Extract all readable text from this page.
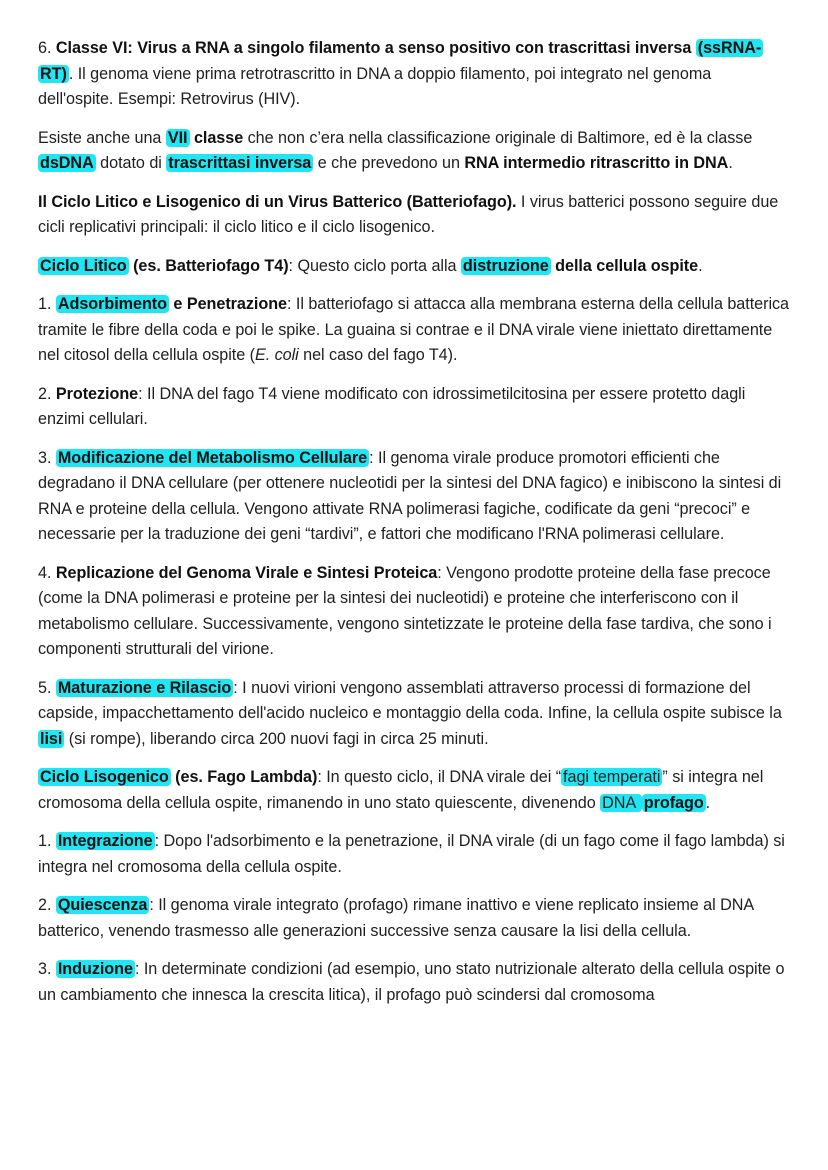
6. Classe VI: Virus a RNA a singolo filamento a senso positivo con trascrittasi inversa (ssRNA-RT) . Il genoma viene prima retrotrascritto in DNA a doppio filamento, poi integrato nel genoma dell'ospite. Esempi: Retrovirus (HIV).

Esiste anche una VII classe che non c’era nella classificazione originale di Baltimore, ed è la classe dsDNA dotato di trascrittasi inversa e che prevedono un RNA intermedio ritrascritto in DNA.

Il Ciclo Litico e Lisogenico di un Virus Batterico (Batteriofago). I virus batterici possono seguire due cicli replicativi principali: il ciclo litico e il ciclo lisogenico.

Ciclo Litico (es. Batteriofago T4): Questo ciclo porta alla distruzione della cellula ospite.

1. Adsorbimento e Penetrazione: Il batteriofago si attacca alla membrana esterna della cellula batterica tramite le fibre della coda e poi le spike. La guaina si contrae e il DNA virale viene iniettato direttamente nel citosol della cellula ospite (E. coli nel caso del fago T4).

2. Protezione: Il DNA del fago T4 viene modificato con idrossimetilcitosina per essere protetto dagli enzimi cellulari.

3. Modificazione del Metabolismo Cellulare : Il genoma virale produce promotori efficienti che degradano il DNA cellulare (per ottenere nucleotidi per la sintesi del DNA fagico) e inibiscono la sintesi di RNA e proteine della cellula. Vengono attivate RNA polimerasi fagiche, codificate da geni “precoci” e necessarie per la traduzione dei geni “tardivi”, e fattori che modificano l'RNA polimerasi cellulare.

4. Replicazione del Genoma Virale e Sintesi Proteica: Vengono prodotte proteine della fase precoce (come la DNA polimerasi e proteine per la sintesi dei nucleotidi) e proteine che interferiscono con il metabolismo cellulare. Successivamente, vengono sintetizzate le proteine della fase tardiva, che sono i componenti strutturali del virione.

5. Maturazione e Rilascio : I nuovi virioni vengono assemblati attraverso processi di formazione del capside, impacchettamento dell'acido nucleico e montaggio della coda. Infine, la cellula ospite subisce la lisi (si rompe), liberando circa 200 nuovi fagi in circa 25 minuti.

Ciclo Lisogenico (es. Fago Lambda): In questo ciclo, il DNA virale dei “ fagi temperati ” si integra nel cromosoma della cellula ospite, rimanendo in uno stato quiescente, divenendo DNA profago .

1. Integrazione : Dopo l'adsorbimento e la penetrazione, il DNA virale (di un fago come il fago lambda) si integra nel cromosoma della cellula ospite.

2. Quiescenza : Il genoma virale integrato (profago) rimane inattivo e viene replicato insieme al DNA batterico, venendo trasmesso alle generazioni successive senza causare la lisi della cellula.

3. Induzione : In determinate condizioni (ad esempio, uno stato nutrizionale alterato della cellula ospite o un cambiamento che innesca la crescita litica), il profago può scindersi dal cromosoma
